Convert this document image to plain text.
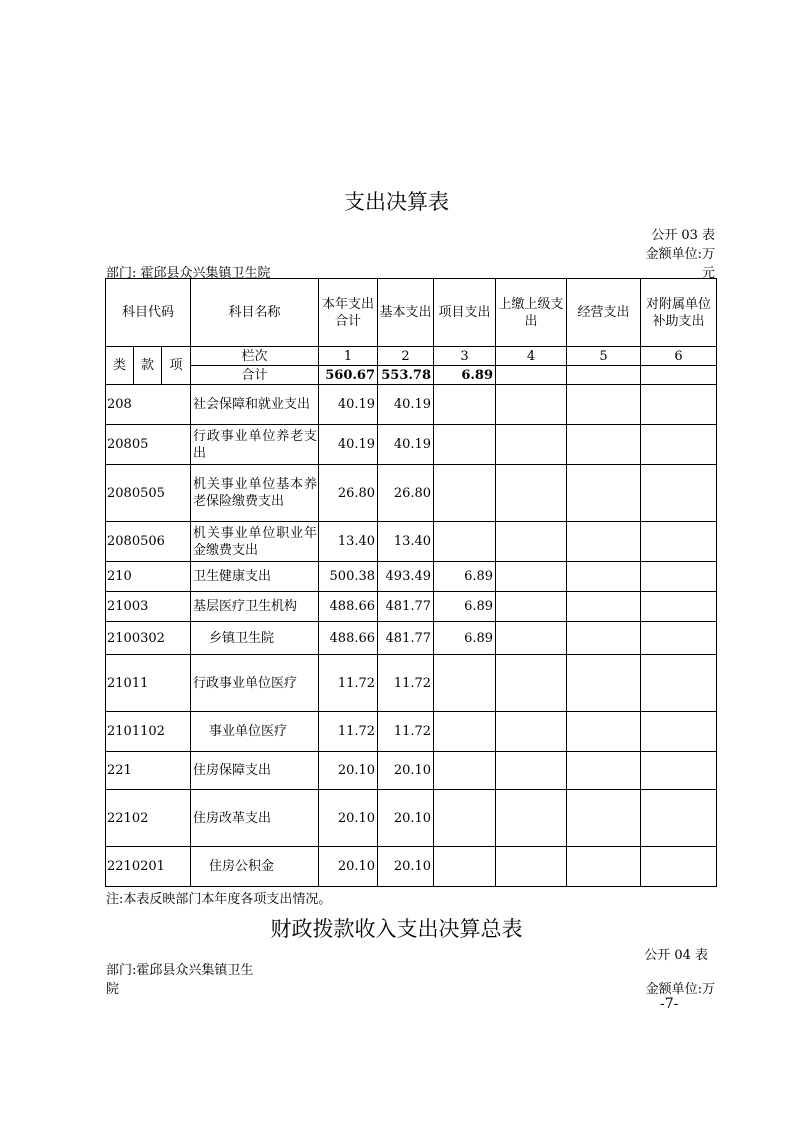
支出决算表
公开 03 表
金额单位:万
部门: 霍邱县众兴集镇卫生院	元
科目代码			科目名称	本年支出合计	基本支出	项目支出	上缴上级支出	经营支出	对附属单位补助支出
类	款	项	栏次	1	2	3	4	5	6
			合计	560.67	553.78	6.89			
208			社会保障和就业支出	40.19	40.19				
20805			行政事业单位养老支出	40.19	40.19				
2080505			机关事业单位基本养老保险缴费支出	26.80	26.80				
2080506			机关事业单位职业年金缴费支出	13.40	13.40				
210			卫生健康支出	500.38	493.49	6.89			
21003			基层医疗卫生机构	488.66	481.77	6.89			
2100302			乡镇卫生院	488.66	481.77	6.89			
21011			行政事业单位医疗	11.72	11.72				
2101102			事业单位医疗	11.72	11.72				
221			住房保障支出	20.10	20.10				
22102			住房改革支出	20.10	20.10				
2210201			住房公积金	20.10	20.10				
注:本表反映部门本年度各项支出情况。
财政拨款收入支出决算总表
公开 04 表
部门:霍邱县众兴集镇卫生
院	金额单位:万
-7-
